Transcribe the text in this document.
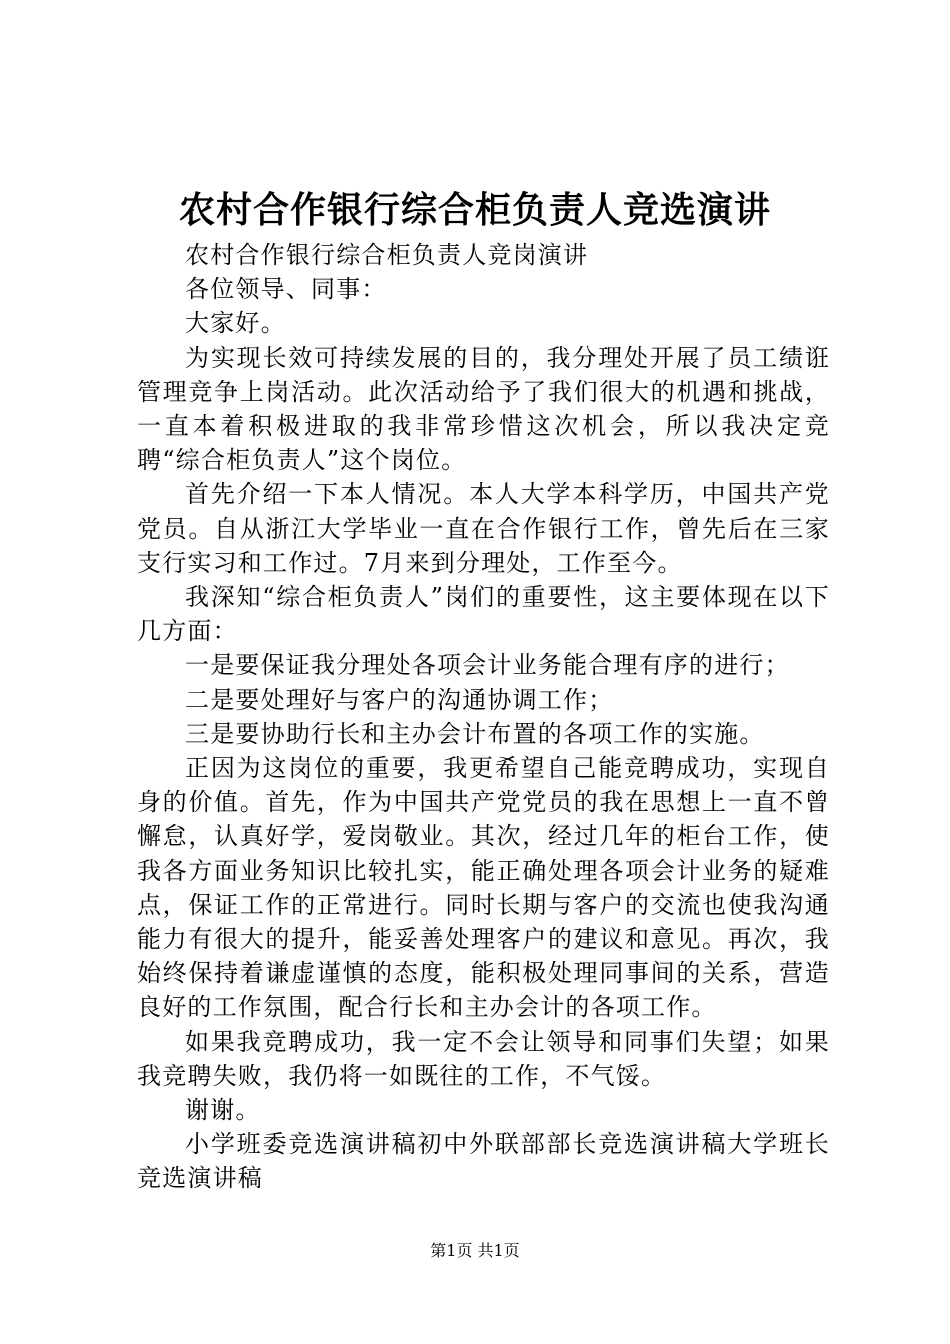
农村合作银行综合柜负责人竞选演讲

农村合作银行综合柜负责人竞岗演讲

各位领导、同事：

大家好。

为实现长效可持续发展的目的，我分理处开展了员工绩诳管理竞争上岗活动。此次活动给予了我们很大的机遇和挑战，一直本着积极进取的我非常珍惜这次机会，所以我决定竞聘“综合柜负责人”这个岗位。

首先介绍一下本人情况。本人大学本科学历，中国共产党党员。自从浙江大学毕业一直在合作银行工作，曾先后在三家支行实习和工作过。7月来到分理处，工作至今。

我深知“综合柜负责人”岗们的重要性，这主要体现在以下几方面：

一是要保证我分理处各项会计业务能合理有序的进行；

二是要处理好与客户的沟通协调工作；

三是要协助行长和主办会计布置的各项工作的实施。

正因为这岗位的重要，我更希望自己能竞聘成功，实现自身的价值。首先，作为中国共产党党员的我在思想上一直不曾懈怠，认真好学，爱岗敬业。其次，经过几年的柜台工作，使我各方面业务知识比较扎实，能正确处理各项会计业务的疑难点，保证工作的正常进行。同时长期与客户的交流也使我沟通能力有很大的提升，能妥善处理客户的建议和意见。再次，我始终保持着谦虚谨慎的态度，能积极处理同事间的关系，营造良好的工作氛围，配合行长和主办会计的各项工作。

如果我竞聘成功，我一定不会让领导和同事们失望；如果我竞聘失败，我仍将一如既往的工作，不气馁。

谢谢。

小学班委竞选演讲稿初中外联部部长竞选演讲稿大学班长竞选演讲稿

第1页 共1页
